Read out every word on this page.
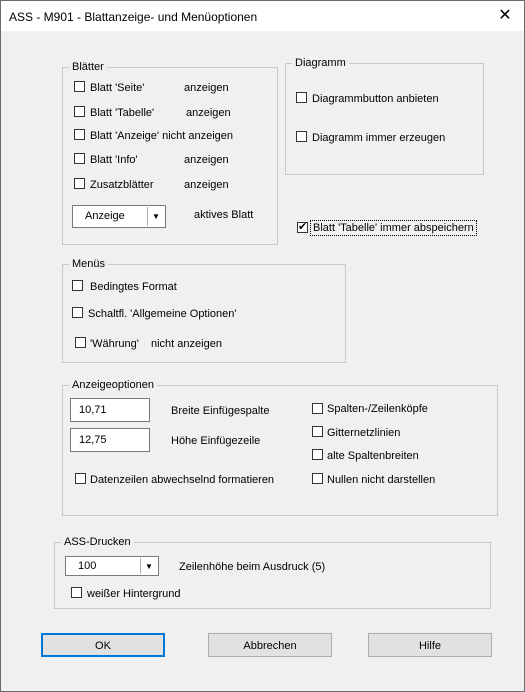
ASS - M901 - Blattanzeige- und Menüoptionen	✕
Blätter
Blatt 'Seite'	anzeigen
Blatt 'Tabelle'	anzeigen
Blatt 'Anzeige' nicht anzeigen
Blatt 'Info'	anzeigen
Zusatzblätter	anzeigen
Anzeige	▼	aktives Blatt
Diagramm
Diagrammbutton anbieten
Diagramm immer erzeugen
✔
Blatt 'Tabelle' immer abspeichern
Menüs
Bedingtes Format
Schaltfl. 'Allgemeine Optionen'
'Währung' nicht anzeigen
Anzeigeoptionen
10,71	Breite Einfügespalte
12,75	Höhe Einfügezeile
Datenzeilen abwechselnd formatieren
Spalten-/Zeilenköpfe
Gitternetzlinien
alte Spaltenbreiten
Nullen nicht darstellen
ASS-Drucken
100	▼	Zeilenhöhe beim Ausdruck (5)
weißer Hintergrund
OK	Abbrechen	Hilfe
